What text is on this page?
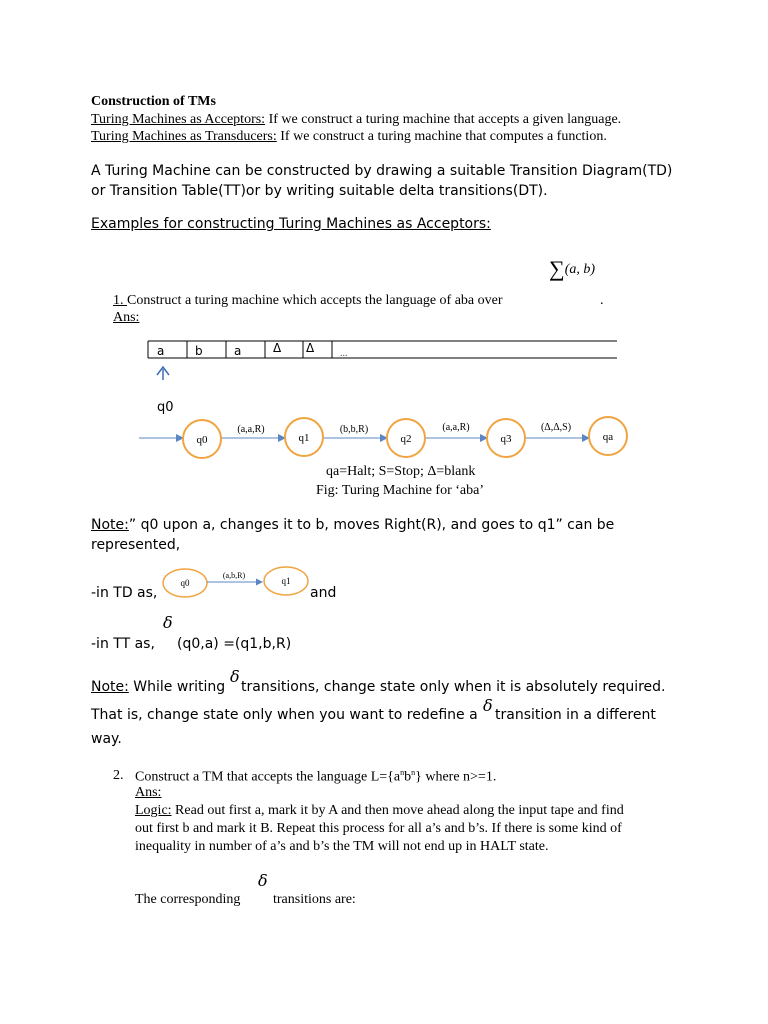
Construction of TMs
Turing Machines as Acceptors: If we construct a turing machine that accepts a given language.
Turing Machines as Transducers: If we construct a turing machine that computes a function.
A Turing Machine can be constructed by drawing a suitable Transition Diagram(TD)
or Transition Table(TT)or by writing suitable delta transitions(DT).
Examples for constructing Turing Machines as Acceptors:
∑(a, b)
1. Construct a turing machine which accepts the language of aba over	.
Ans:
a	b	a	Δ Δ	...
q0
q0	q1	q2	q3	qa
(a,a,R)	(b,b,R)	(a,a,R)	(Δ,Δ,S)
qa=Halt; S=Stop; Δ=blank
Fig: Turing Machine for ‘aba’
Note:” q0 upon a, changes it to b, moves Right(R), and goes to q1” can be
represented,
-in TD as,
q0	q1
(a,b,R)
and
δ
-in TT as, (q0,a) =(q1,b,R)
δ
Note: While writing transitions, change state only when it is absolutely required.
δ
That is, change state only when you want to redefine a transition in a different
way.
2. Construct a TM that accepts the language $L=\{a^nb^n\}$ where n>=1.
Ans:
Logic: Read out first a, mark it by A and then move ahead along the input tape and find
out first b and mark it B. Repeat this process for all a’s and b’s. If there is some kind of
inequality in number of a’s and b’s the TM will not end up in HALT state.
δ
The corresponding transitions are:
